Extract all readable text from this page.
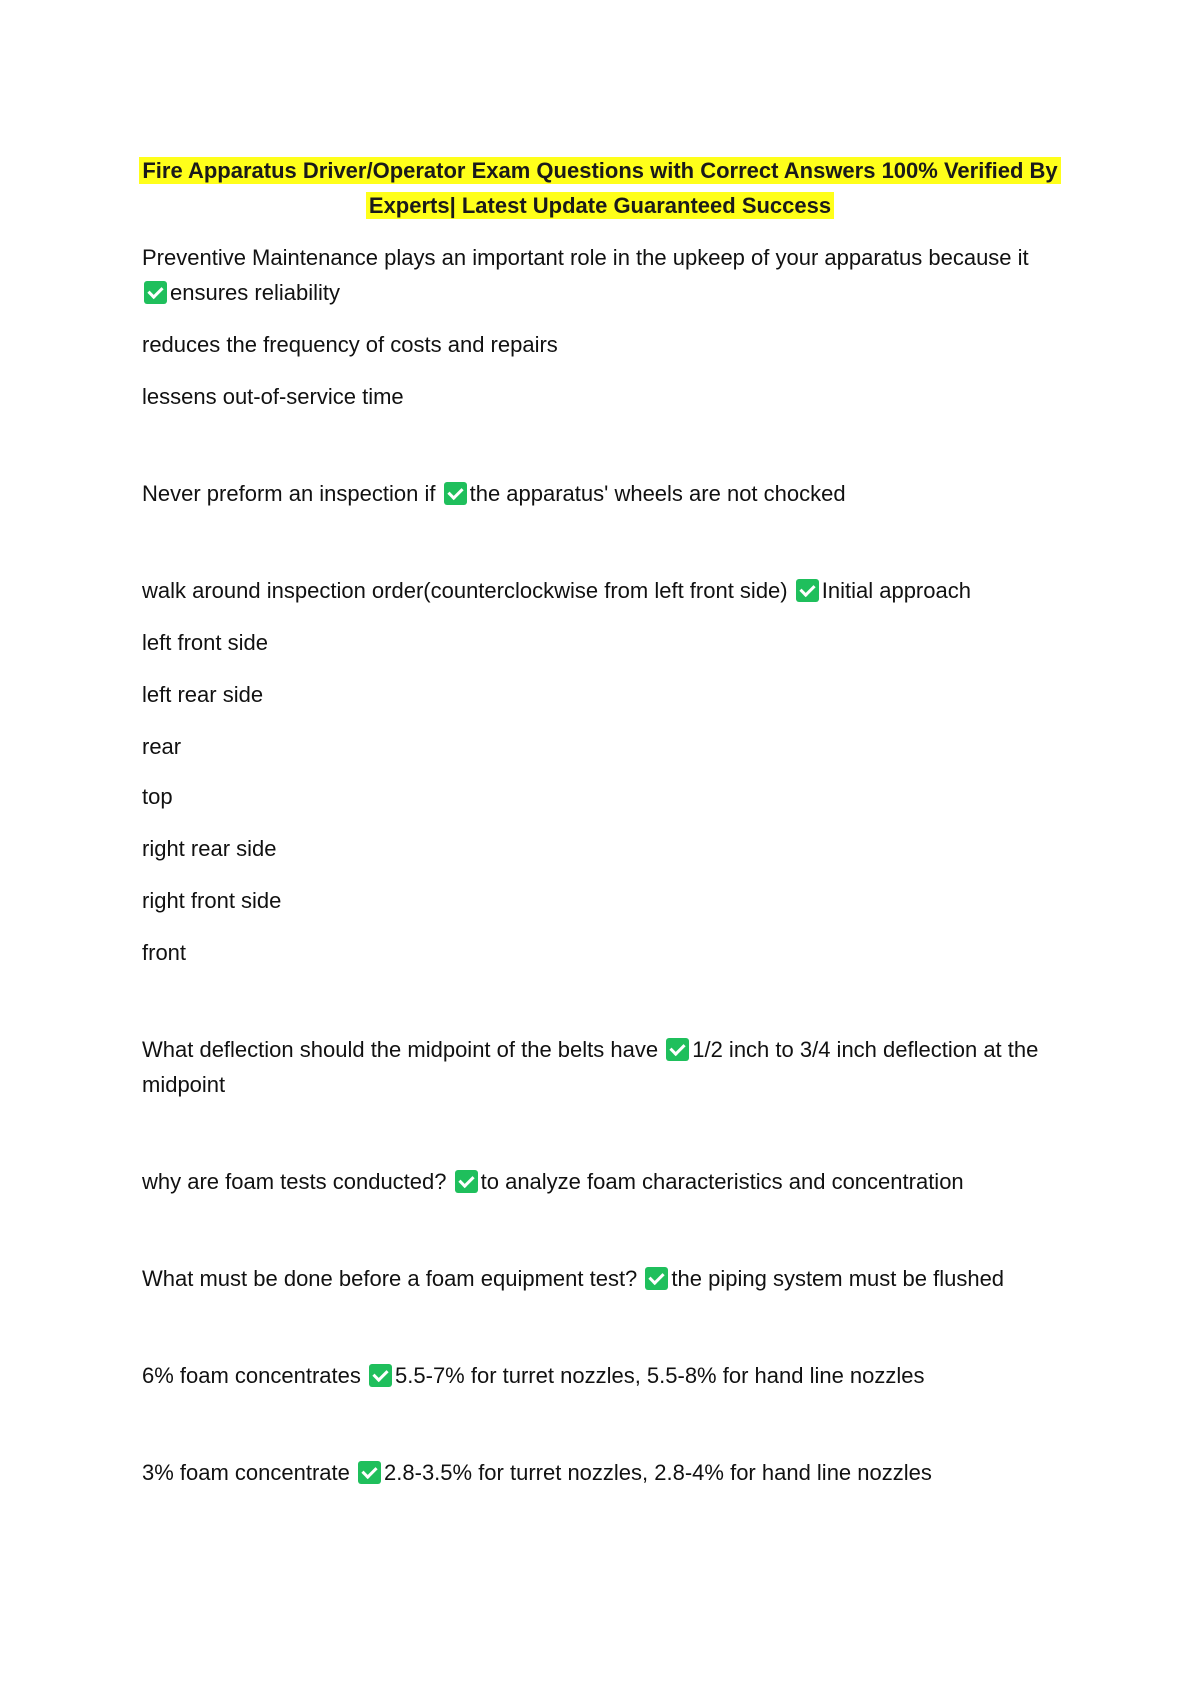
Fire Apparatus Driver/Operator Exam Questions with Correct Answers 100% Verified By
Experts| Latest Update Guaranteed Success

Preventive Maintenance plays an important role in the upkeep of your apparatus because it

ensures reliability

reduces the frequency of costs and repairs

lessens out-of-service time

Never preform an inspection if the apparatus' wheels are not chocked

walk around inspection order(counterclockwise from left front side) Initial approach

left front side

left rear side

rear

top

right rear side

right front side

front

What deflection should the midpoint of the belts have 1/2 inch to 3/4 inch deflection at the

midpoint

why are foam tests conducted? to analyze foam characteristics and concentration

What must be done before a foam equipment test? the piping system must be flushed

6% foam concentrates 5.5-7% for turret nozzles, 5.5-8% for hand line nozzles

3% foam concentrate 2.8-3.5% for turret nozzles, 2.8-4% for hand line nozzles
